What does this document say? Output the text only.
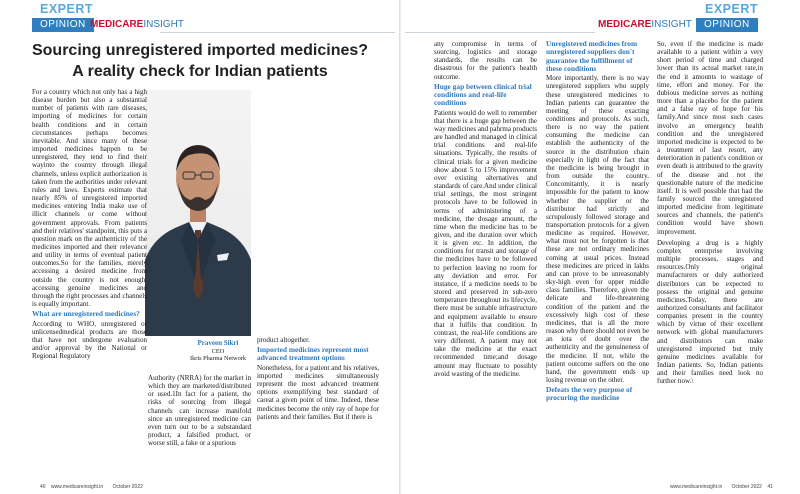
EXPERT
OPINION MEDICAREINSIGHT	MEDICAREINSIGHT
EXPERT
OPINION
Sourcing unregistered imported medicines?
A reality check for Indian patients
Praveen Sikri
CEO
Ikris Pharma Network

For a country which not only has a high disease burden but also a substantial number of patients with rare diseases, importing of medicines for certain health conditions and in certain circumstances perhaps becomes inevitable. And since many of these imported medicines happen to be unregistered, they tend to find their wayinto the country through illegal channels, unless explicit authorization is taken from the authorities under relevant rules and laws. Experts estimate that nearly 85% of unregistered imported medicines entering India make use of illicit channels or come without government approvals. From patients and their relatives' standpoint, this puts a question mark on the authenticity of the medicines imported and their relevance and utility in terms of eventual patient outcomes.So for the families, merely accessing a desired medicine from outside the country is not enough, accessing genuine medicines and through the right processes and channels is equally important.

What are unregistered medicines?

According to WHO, unregistered or unlicensedmedical products are those that have not undergone evaluation and/or approval by the National or Regional Regulatory

Authority (NRRA) for the market in which they are marketed/distributed or used.1In fact for a patient, the risks of sourcing from illegal channels can increase manifold since an unregistered medicine can even turn out to be a substandard product, a falsified product, or worse still, a fake or a spurious

product altogether.

Imported medicines represent most advanced treatment options

Nonetheless, for a patient and his relatives, imported medicines simultaneously represent the most advanced treatment options exemplifying best standard of careat a given point of time. Indeed, these medicines become the only ray of hope for patients and their families. But if there is

any compromise in terms of sourcing, logistics and storage standards, the results can be disastrous for the patient's health outcome.

Huge gap between clinical trial conditions and real-life conditions

Patients would do well to remember that there is a huge gap between the way medicines and pahrma products are handled and managed in clinical trial conditions and real-life situations. Typically, the results of clinical trials for a given medicine show about 5 to 15% improvement over existing alternatives and standards of care.And under clinical trial settings, the most stringent protocols have to be followed in terms of administering of a medicine, the dosage amount, the time when the medicine has to be given, and the duration over which it is given etc. In addition, the conditions for transit and storage of the medicines have to be followed to perfection leaving no room for any deviation and error. For instance, if a medicine needs to be stored and preserved in sub-zero temperature throughout its lifecycle, there must be suitable infrastructure and equipment available to ensure that it fulfils that condition. In contrast, the real-life conditions are very different. A patient may not take the medicine at the exact recommended time;and dosage amount may fluctuate to possibly avoid wasting of the medicine.

Unregistered medicines from unregistered suppliers don't guarantee the fulfillment of these conditions

More importantly, there is no way unregistered suppliers who supply these unregistered medicines to Indian patients can guarantee the meeting of these exacting conditions and protocols. As such, there is no way the patient consuming the medicine can establish the authenticity of the source in the distribution chain especially in light of the fact that the medicine is being brought in from outside the country. Concomitantly, it is nearly impossible for the patient to know whether the supplier or the distributor had strictly and scrupulously followed storage and transportation protocols for a given medicine as required. However, what must not be forgotten is that these are not ordinary medicines coming at usual prices. Instead these medicines are priced in lakhs and can prove to be unreasonably sky-high even for upper middle class families. Therefore, given the delicate and life-threatening condition of the patient and the excessively high cost of these medicines, that is all the more reason why there should not even be an iota of doubt over the authenticity and the genuineness of the medicine. If not, while the patient outcome suffers on the one hand, the government ends up losing revenue on the other.

Defeats the very purpose of procuring the medicine

So, even if the medicine is made available to a patient within a very short period of time and charged lower than its actual market rate,in the end it amounts to wastage of time, effort and money. For the dubious medicine serves as nothing more than a placebo for the patient and a false ray of hope for his family.And since most such cases involve an emergency health condition and the unregistered imported medicine is expected to be a treatment of last resort, any deterioration in patient's condition or even death is attributed to the gravity of the disease and not the questionable nature of the medicine itself. It is well possible that had the family sourced the unregistered imported medicine from legitimate sources and channels, the patient's condition would have shown improvement.

Developing a drug is a highly complex enterprise involving multiple processes, stages and resources.Only original manufacturers or duly authorized distributors can be expected to possess the original and genuine medicines.Today, there are authorized consultants and facilitator companies present in the country which by virtue of their excellent network with global manufacturers and distributors can make unregistered imported but truly genuine medicines available for Indian patients. So, Indian patients and their families need look no further now.\

40 www.medicareinsight.in October 2022	www.medicareinsight.in October 2022 41
